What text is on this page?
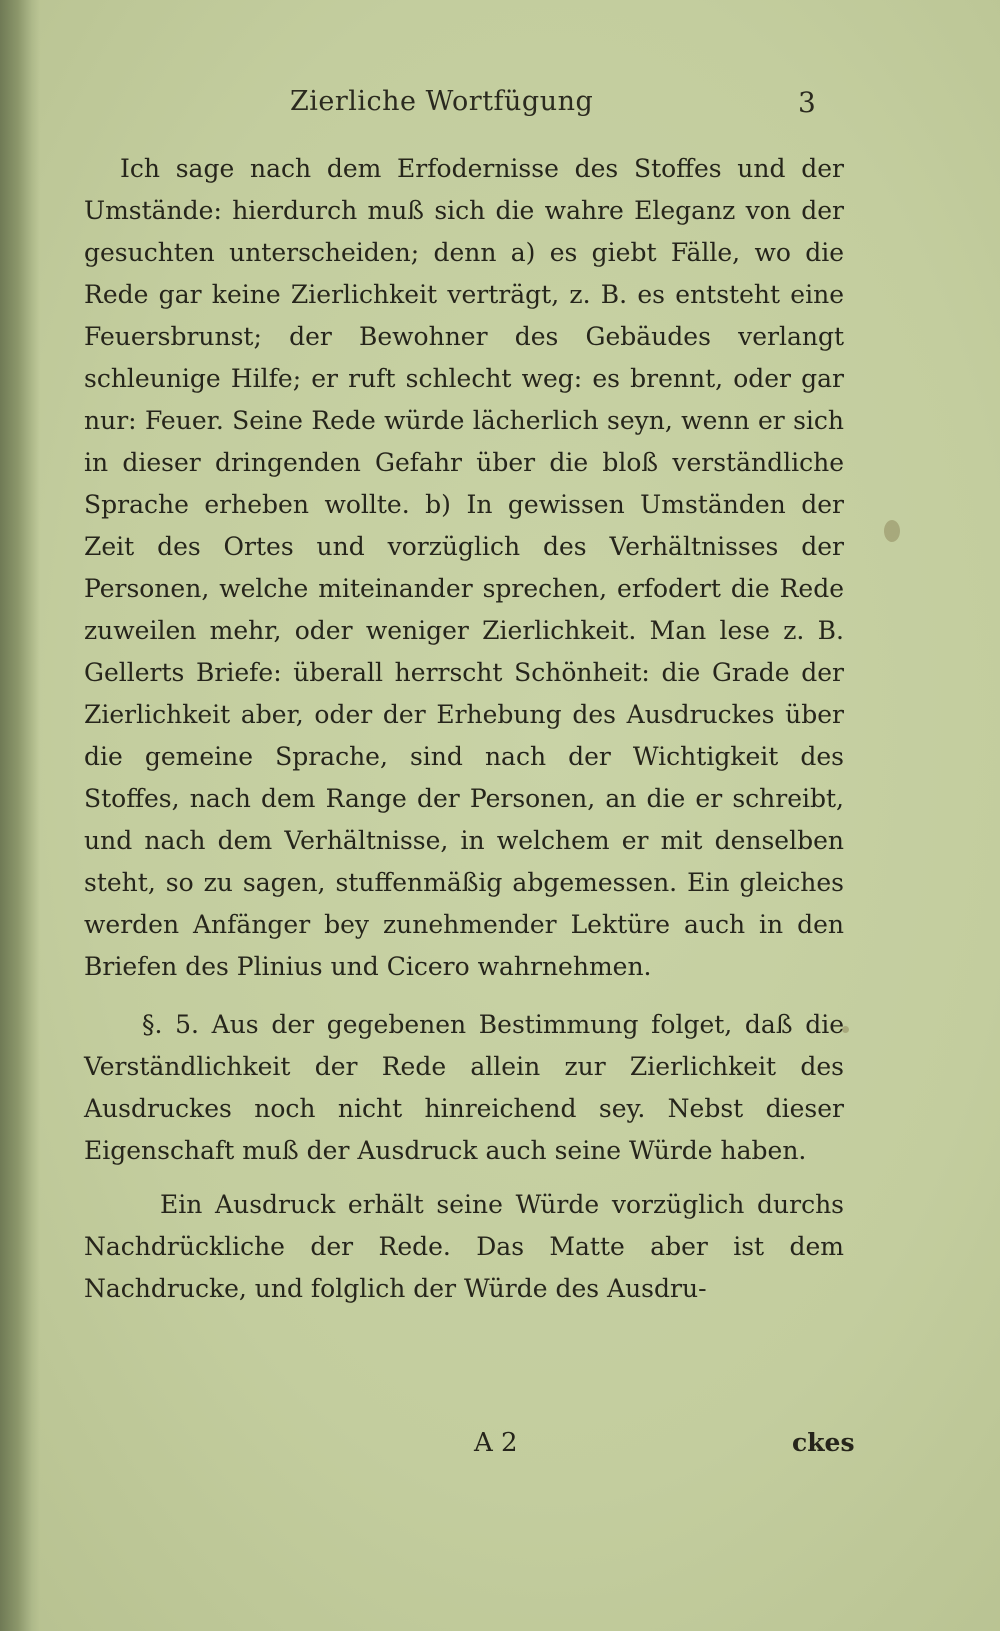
Zierliche Wortfügung	3

Ich sage nach dem Erfodernisse des Stoffes und der Umstände: hierdurch muß sich die wahre Eleganz von der gesuchten unterscheiden; denn a) es giebt Fälle, wo die Rede gar keine Zierlichkeit verträgt, z. B. es entsteht eine Feuersbrunst; der Bewohner des Gebäudes verlangt schleunige Hilfe; er ruft schlecht weg: es brennt, oder gar nur: Feuer. Seine Rede würde lächerlich seyn, wenn er sich in dieser dringenden Gefahr über die bloß verständliche Sprache erheben wollte. b) In gewissen Umständen der Zeit des Ortes und vorzüglich des Verhältnisses der Personen, welche miteinander sprechen, erfodert die Rede zuweilen mehr, oder weniger Zierlichkeit. Man lese z. B. Gellerts Briefe: überall herrscht Schönheit: die Grade der Zierlichkeit aber, oder der Erhebung des Ausdruckes über die gemeine Sprache, sind nach der Wichtigkeit des Stoffes, nach dem Range der Personen, an die er schreibt, und nach dem Verhältnisse, in welchem er mit denselben steht, so zu sagen, stuffenmäßig abgemessen. Ein gleiches werden Anfänger bey zunehmender Lektüre auch in den Briefen des Plinius und Cicero wahrnehmen.

§. 5. Aus der gegebenen Bestimmung folget, daß die Verständlichkeit der Rede allein zur Zierlichkeit des Ausdruckes noch nicht hinreichend sey. Nebst dieser Eigenschaft muß der Ausdruck auch seine Würde haben.

Ein Ausdruck erhält seine Würde vorzüglich durchs Nachdrückliche der Rede. Das Matte aber ist dem Nachdrucke, und folglich der Würde des Ausdru-

A 2	ckes
